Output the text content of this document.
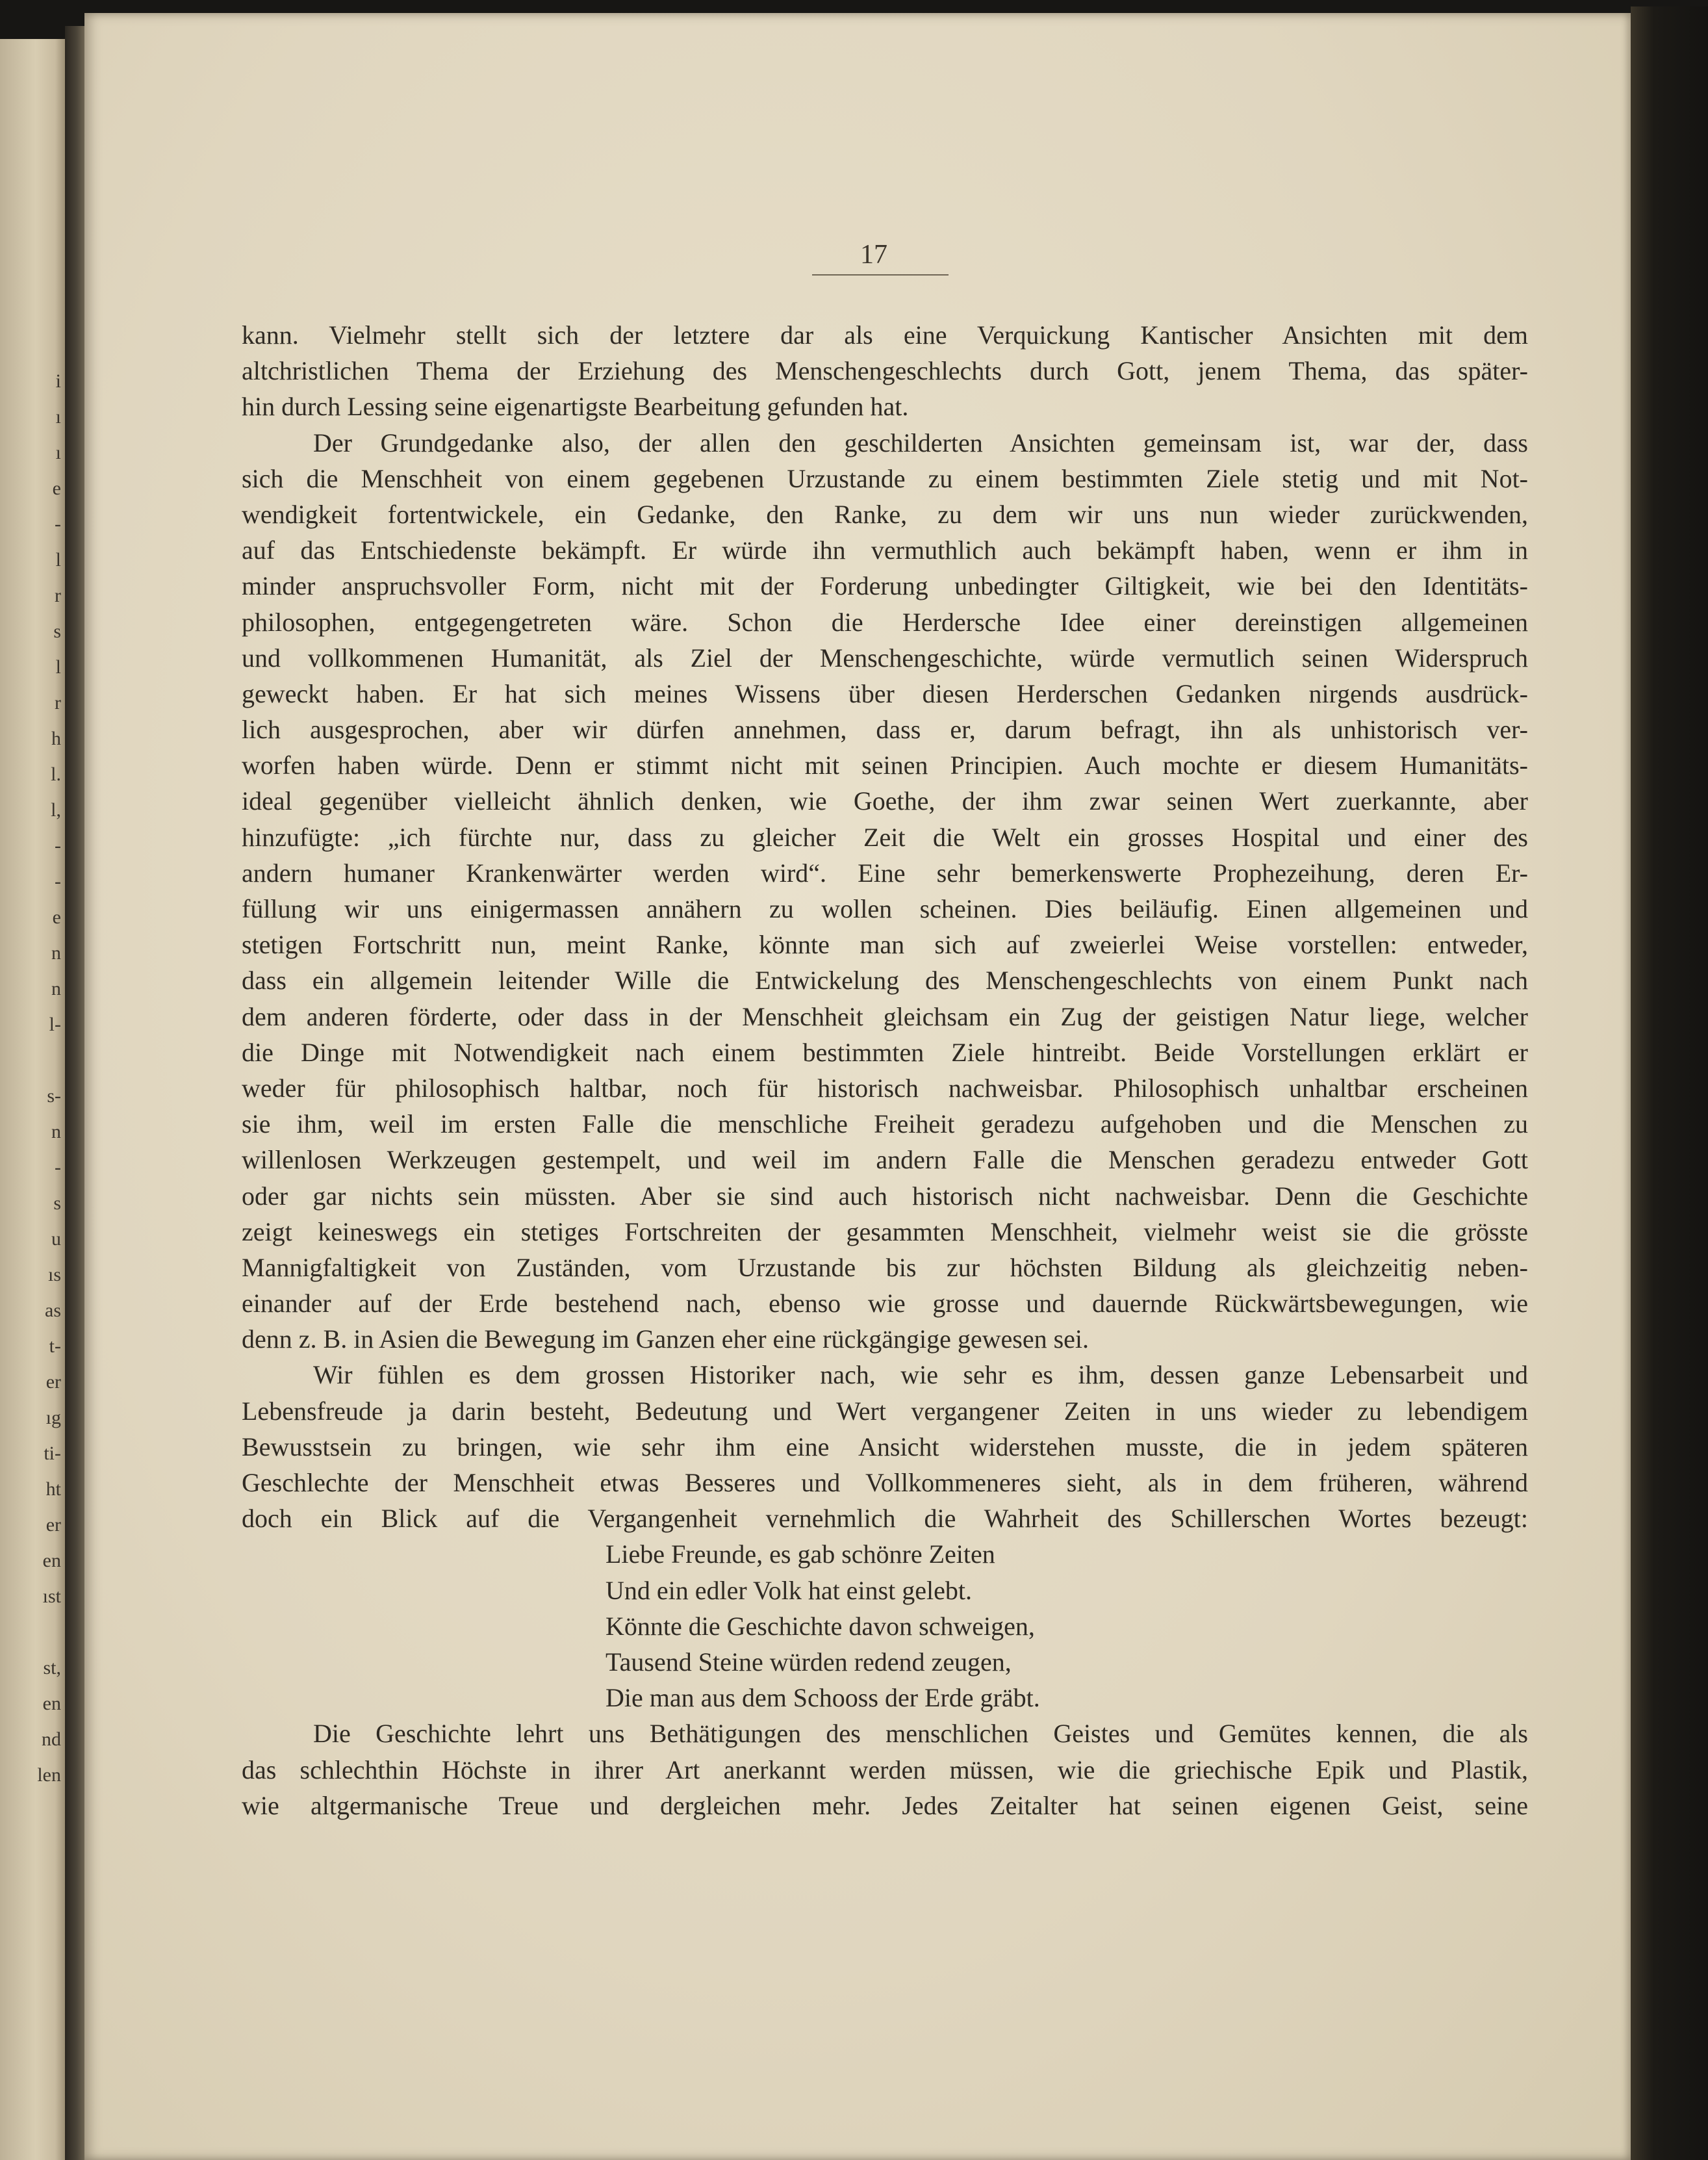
i
ı
ı
e
-
l
r
s
l
r
h
l.
l,
-
-
e
n
n
l-
s-
n
-
s
u
ıs
as
t-
er
ıg
ti-
ht
er
en
ıst
st,
en
nd
len
17
kann. Vielmehr stellt sich der letztere dar als eine Verquickung Kantischer Ansichten mit dem
altchristlichen Thema der Erziehung des Menschengeschlechts durch Gott, jenem Thema, das später-
hin durch Lessing seine eigenartigste Bearbeitung gefunden hat.
Der Grundgedanke also, der allen den geschilderten Ansichten gemeinsam ist, war der, dass
sich die Menschheit von einem gegebenen Urzustande zu einem bestimmten Ziele stetig und mit Not-
wendigkeit fortentwickele, ein Gedanke, den Ranke, zu dem wir uns nun wieder zurückwenden,
auf das Entschiedenste bekämpft. Er würde ihn vermuthlich auch bekämpft haben, wenn er ihm in
minder anspruchsvoller Form, nicht mit der Forderung unbedingter Giltigkeit, wie bei den Identitäts-
philosophen, entgegengetreten wäre. Schon die Herdersche Idee einer dereinstigen allgemeinen
und vollkommenen Humanität, als Ziel der Menschengeschichte, würde vermutlich seinen Widerspruch
geweckt haben. Er hat sich meines Wissens über diesen Herderschen Gedanken nirgends ausdrück-
lich ausgesprochen, aber wir dürfen annehmen, dass er, darum befragt, ihn als unhistorisch ver-
worfen haben würde. Denn er stimmt nicht mit seinen Principien. Auch mochte er diesem Humanitäts-
ideal gegenüber vielleicht ähnlich denken, wie Goethe, der ihm zwar seinen Wert zuerkannte, aber
hinzufügte: „ich fürchte nur, dass zu gleicher Zeit die Welt ein grosses Hospital und einer des
andern humaner Krankenwärter werden wird“. Eine sehr bemerkenswerte Prophezeihung, deren Er-
füllung wir uns einigermassen annähern zu wollen scheinen. Dies beiläufig. Einen allgemeinen und
stetigen Fortschritt nun, meint Ranke, könnte man sich auf zweierlei Weise vorstellen: entweder,
dass ein allgemein leitender Wille die Entwickelung des Menschengeschlechts von einem Punkt nach
dem anderen förderte, oder dass in der Menschheit gleichsam ein Zug der geistigen Natur liege, welcher
die Dinge mit Notwendigkeit nach einem bestimmten Ziele hintreibt. Beide Vorstellungen erklärt er
weder für philosophisch haltbar, noch für historisch nachweisbar. Philosophisch unhaltbar erscheinen
sie ihm, weil im ersten Falle die menschliche Freiheit geradezu aufgehoben und die Menschen zu
willenlosen Werkzeugen gestempelt, und weil im andern Falle die Menschen geradezu entweder Gott
oder gar nichts sein müssten. Aber sie sind auch historisch nicht nachweisbar. Denn die Geschichte
zeigt keineswegs ein stetiges Fortschreiten der gesammten Menschheit, vielmehr weist sie die grösste
Mannigfaltigkeit von Zuständen, vom Urzustande bis zur höchsten Bildung als gleichzeitig neben-
einander auf der Erde bestehend nach, ebenso wie grosse und dauernde Rückwärtsbewegungen, wie
denn z. B. in Asien die Bewegung im Ganzen eher eine rückgängige gewesen sei.
Wir fühlen es dem grossen Historiker nach, wie sehr es ihm, dessen ganze Lebensarbeit und
Lebensfreude ja darin besteht, Bedeutung und Wert vergangener Zeiten in uns wieder zu lebendigem
Bewusstsein zu bringen, wie sehr ihm eine Ansicht widerstehen musste, die in jedem späteren
Geschlechte der Menschheit etwas Besseres und Vollkommeneres sieht, als in dem früheren, während
doch ein Blick auf die Vergangenheit vernehmlich die Wahrheit des Schillerschen Wortes bezeugt:
Liebe Freunde, es gab schönre Zeiten
Und ein edler Volk hat einst gelebt.
Könnte die Geschichte davon schweigen,
Tausend Steine würden redend zeugen,
Die man aus dem Schooss der Erde gräbt.
Die Geschichte lehrt uns Bethätigungen des menschlichen Geistes und Gemütes kennen, die als
das schlechthin Höchste in ihrer Art anerkannt werden müssen, wie die griechische Epik und Plastik,
wie altgermanische Treue und dergleichen mehr. Jedes Zeitalter hat seinen eigenen Geist, seine
